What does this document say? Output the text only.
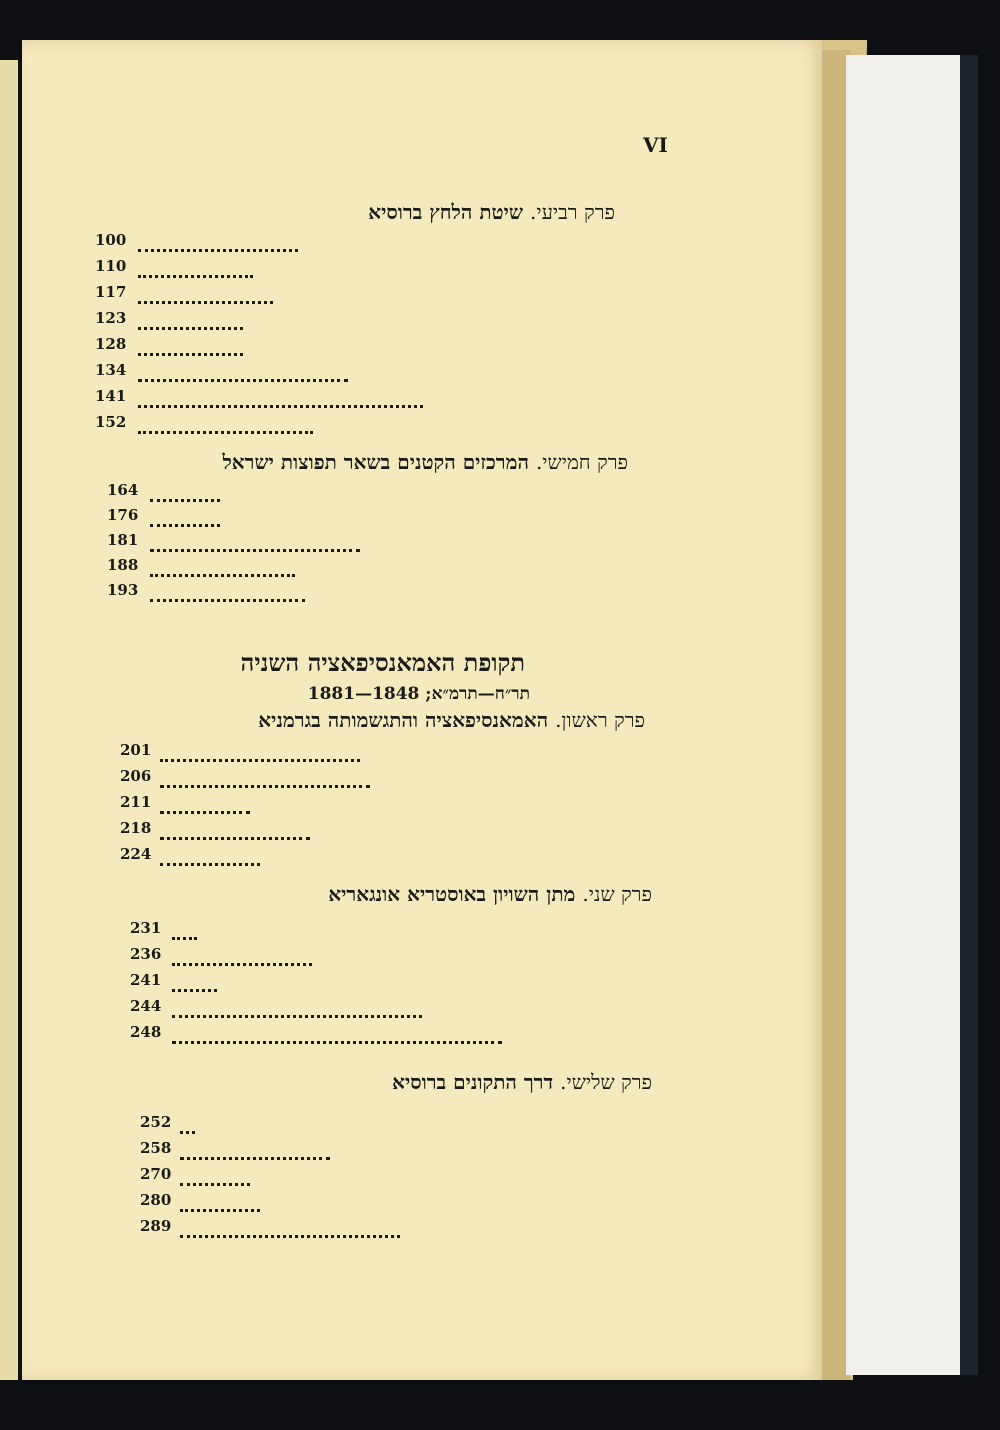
VI
פרק רביעי. שיטת הלחץ ברוסיא
100
110
117
123
128
134
141
152
פרק חמישי. המרכזים הקטנים בשאר תפוצות ישראל
164
176
181
188
193
תקופת האמאנסיפאציה השניה
תר״ח—תרמ״א; 1848—1881
פרק ראשון. האמאנסיפאציה והתגשמותה בגרמניא
201
206
211
218
224
פרק שני. מתן השויון באוסטריא אונגאריא
231
236
241
244
248
פרק שלישי. דרך התקונים ברוסיא
252
258
270
280
289
